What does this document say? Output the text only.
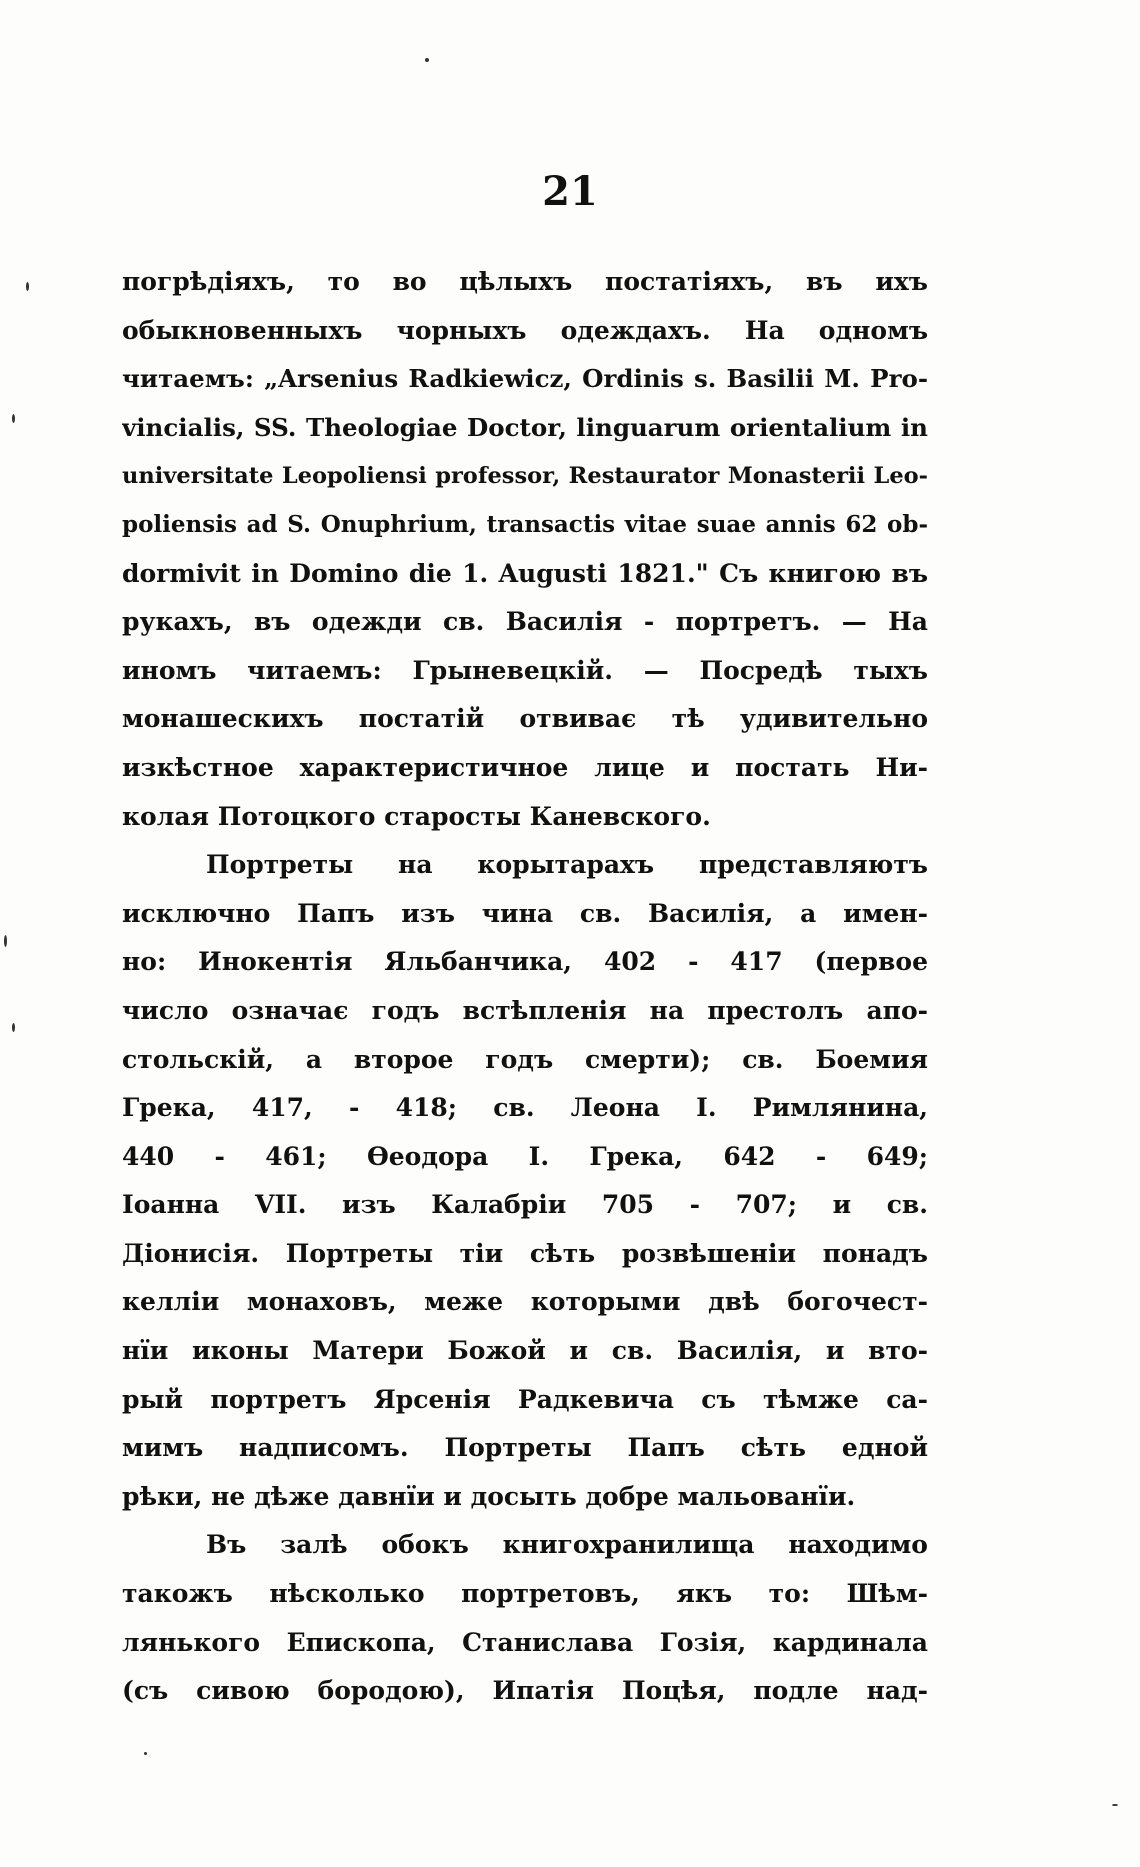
21
погрѣдіяхъ, то во цѣлыхъ постатіяхъ, въ ихъ
обыкновенныхъ чорныхъ одеждахъ. На одномъ
читаемъ: „Arsenius Radkiewicz, Ordinis s. Basilii M. Pro-
vincialis, SS. Theologiae Doctor, linguarum orientalium in
universitate Leopoliensi professor, Restaurator Monasterii Leo-
poliensis ad S. Onuphrium, transactis vitae suae annis 62 ob-
dormivit in Domino die 1. Augusti 1821." Съ книгою въ
рукахъ, въ одежди св. Василія - портретъ. — На
иномъ читаемъ: Грыневецкій. — Посредѣ тыхъ
монашескихъ постатій отвиває тѣ удивительно
изкѣстное характеристичное лице и постать Ни-
колая Потоцкого старосты Каневского.
Портреты на корытарахъ представляютъ
исключно Папъ изъ чина св. Василія, а имен-
но: Инокентія Яльбанчика, 402 - 417 (первое
число означає годъ встѣпленія на престолъ апо-
стольскій, а второе годъ смерти); св. Боемия
Грека, 417, - 418; св. Леона І. Римлянина,
440 - 461; Ѳеодора І. Грека, 642 - 649;
Іоанна VII. изъ Калабріи 705 - 707; и св.
Діонисія. Портреты тіи сѣть розвѣшеніи понадъ
келліи монаховъ, меже которыми двѣ богочест-
нїи иконы Матери Божой и св. Василія, и вто-
рый портретъ Ярсенія Радкевича съ тѣмже са-
мимъ надписомъ. Портреты Папъ сѣть едной
рѣки, не дѣже давнїи и досыть добре мальованїи.
Въ залѣ обокъ книгохранилища находимо
такожъ нѣсколько портретовъ, якъ то: Шѣм-
лянького Епископа, Станислава Гозія, кардинала
(съ сивою бородою), Ипатія Поцѣя, подле над-
